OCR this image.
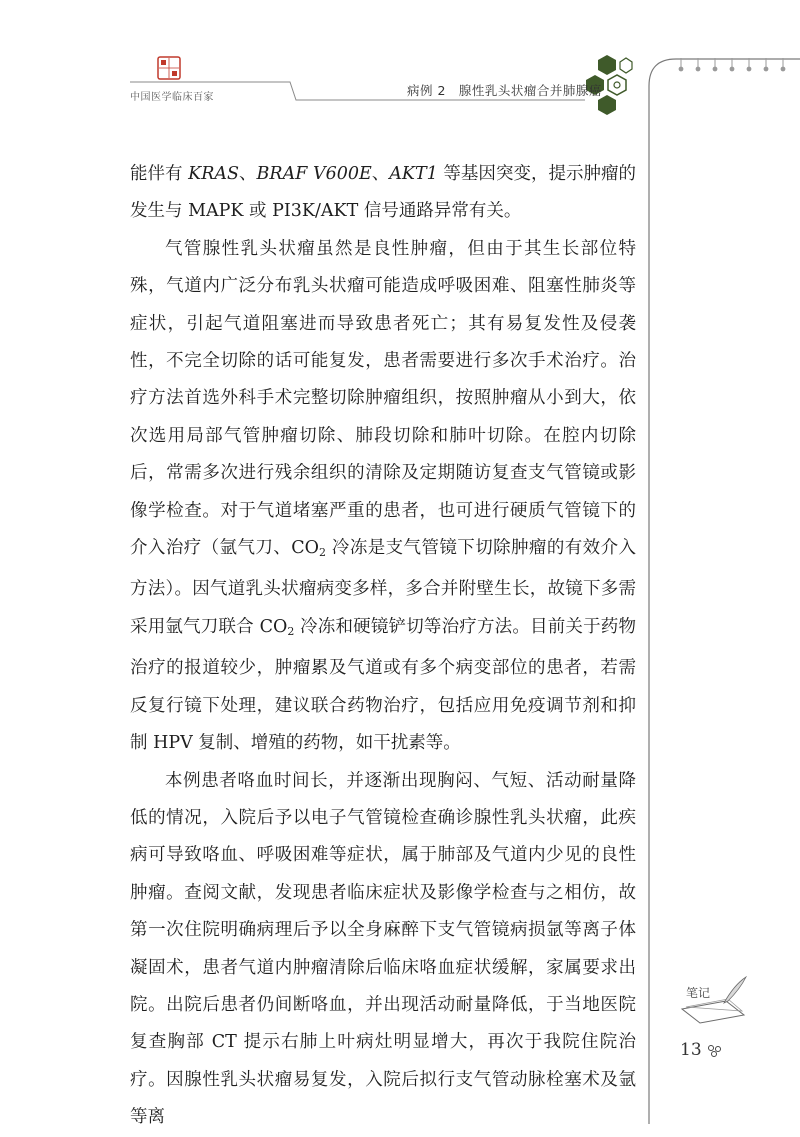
中国医学临床百家	病例 2　腺性乳头状瘤合并肺腺癌

能伴有 KRAS、BRAF V600E、AKT1 等基因突变，提示肿瘤的发生与 MAPK 或 PI3K/AKT 信号通路异常有关。

气管腺性乳头状瘤虽然是良性肿瘤，但由于其生长部位特殊，气道内广泛分布乳头状瘤可能造成呼吸困难、阻塞性肺炎等症状，引起气道阻塞进而导致患者死亡；其有易复发性及侵袭性，不完全切除的话可能复发，患者需要进行多次手术治疗。治疗方法首选外科手术完整切除肿瘤组织，按照肿瘤从小到大，依次选用局部气管肿瘤切除、肺段切除和肺叶切除。在腔内切除后，常需多次进行残余组织的清除及定期随访复查支气管镜或影像学检查。对于气道堵塞严重的患者，也可进行硬质气管镜下的介入治疗（氩气刀、$CO_2$ 冷冻是支气管镜下切除肿瘤的有效介入方法）。因气道乳头状瘤病变多样，多合并附壁生长，故镜下多需采用氩气刀联合 $CO_2$ 冷冻和硬镜铲切等治疗方法。目前关于药物治疗的报道较少，肿瘤累及气道或有多个病变部位的患者，若需反复行镜下处理，建议联合药物治疗，包括应用免疫调节剂和抑制 HPV 复制、增殖的药物，如干扰素等。

本例患者咯血时间长，并逐渐出现胸闷、气短、活动耐量降低的情况，入院后予以电子气管镜检查确诊腺性乳头状瘤，此疾病可导致咯血、呼吸困难等症状，属于肺部及气道内少见的良性肿瘤。查阅文献，发现患者临床症状及影像学检查与之相仿，故第一次住院明确病理后予以全身麻醉下支气管镜病损氩等离子体凝固术，患者气道内肿瘤清除后临床咯血症状缓解，家属要求出院。出院后患者仍间断咯血，并出现活动耐量降低，于当地医院复查胸部 CT 提示右肺上叶病灶明显增大，再次于我院住院治疗。因腺性乳头状瘤易复发，入院后拟行支气管动脉栓塞术及氩等离

笔记
13
